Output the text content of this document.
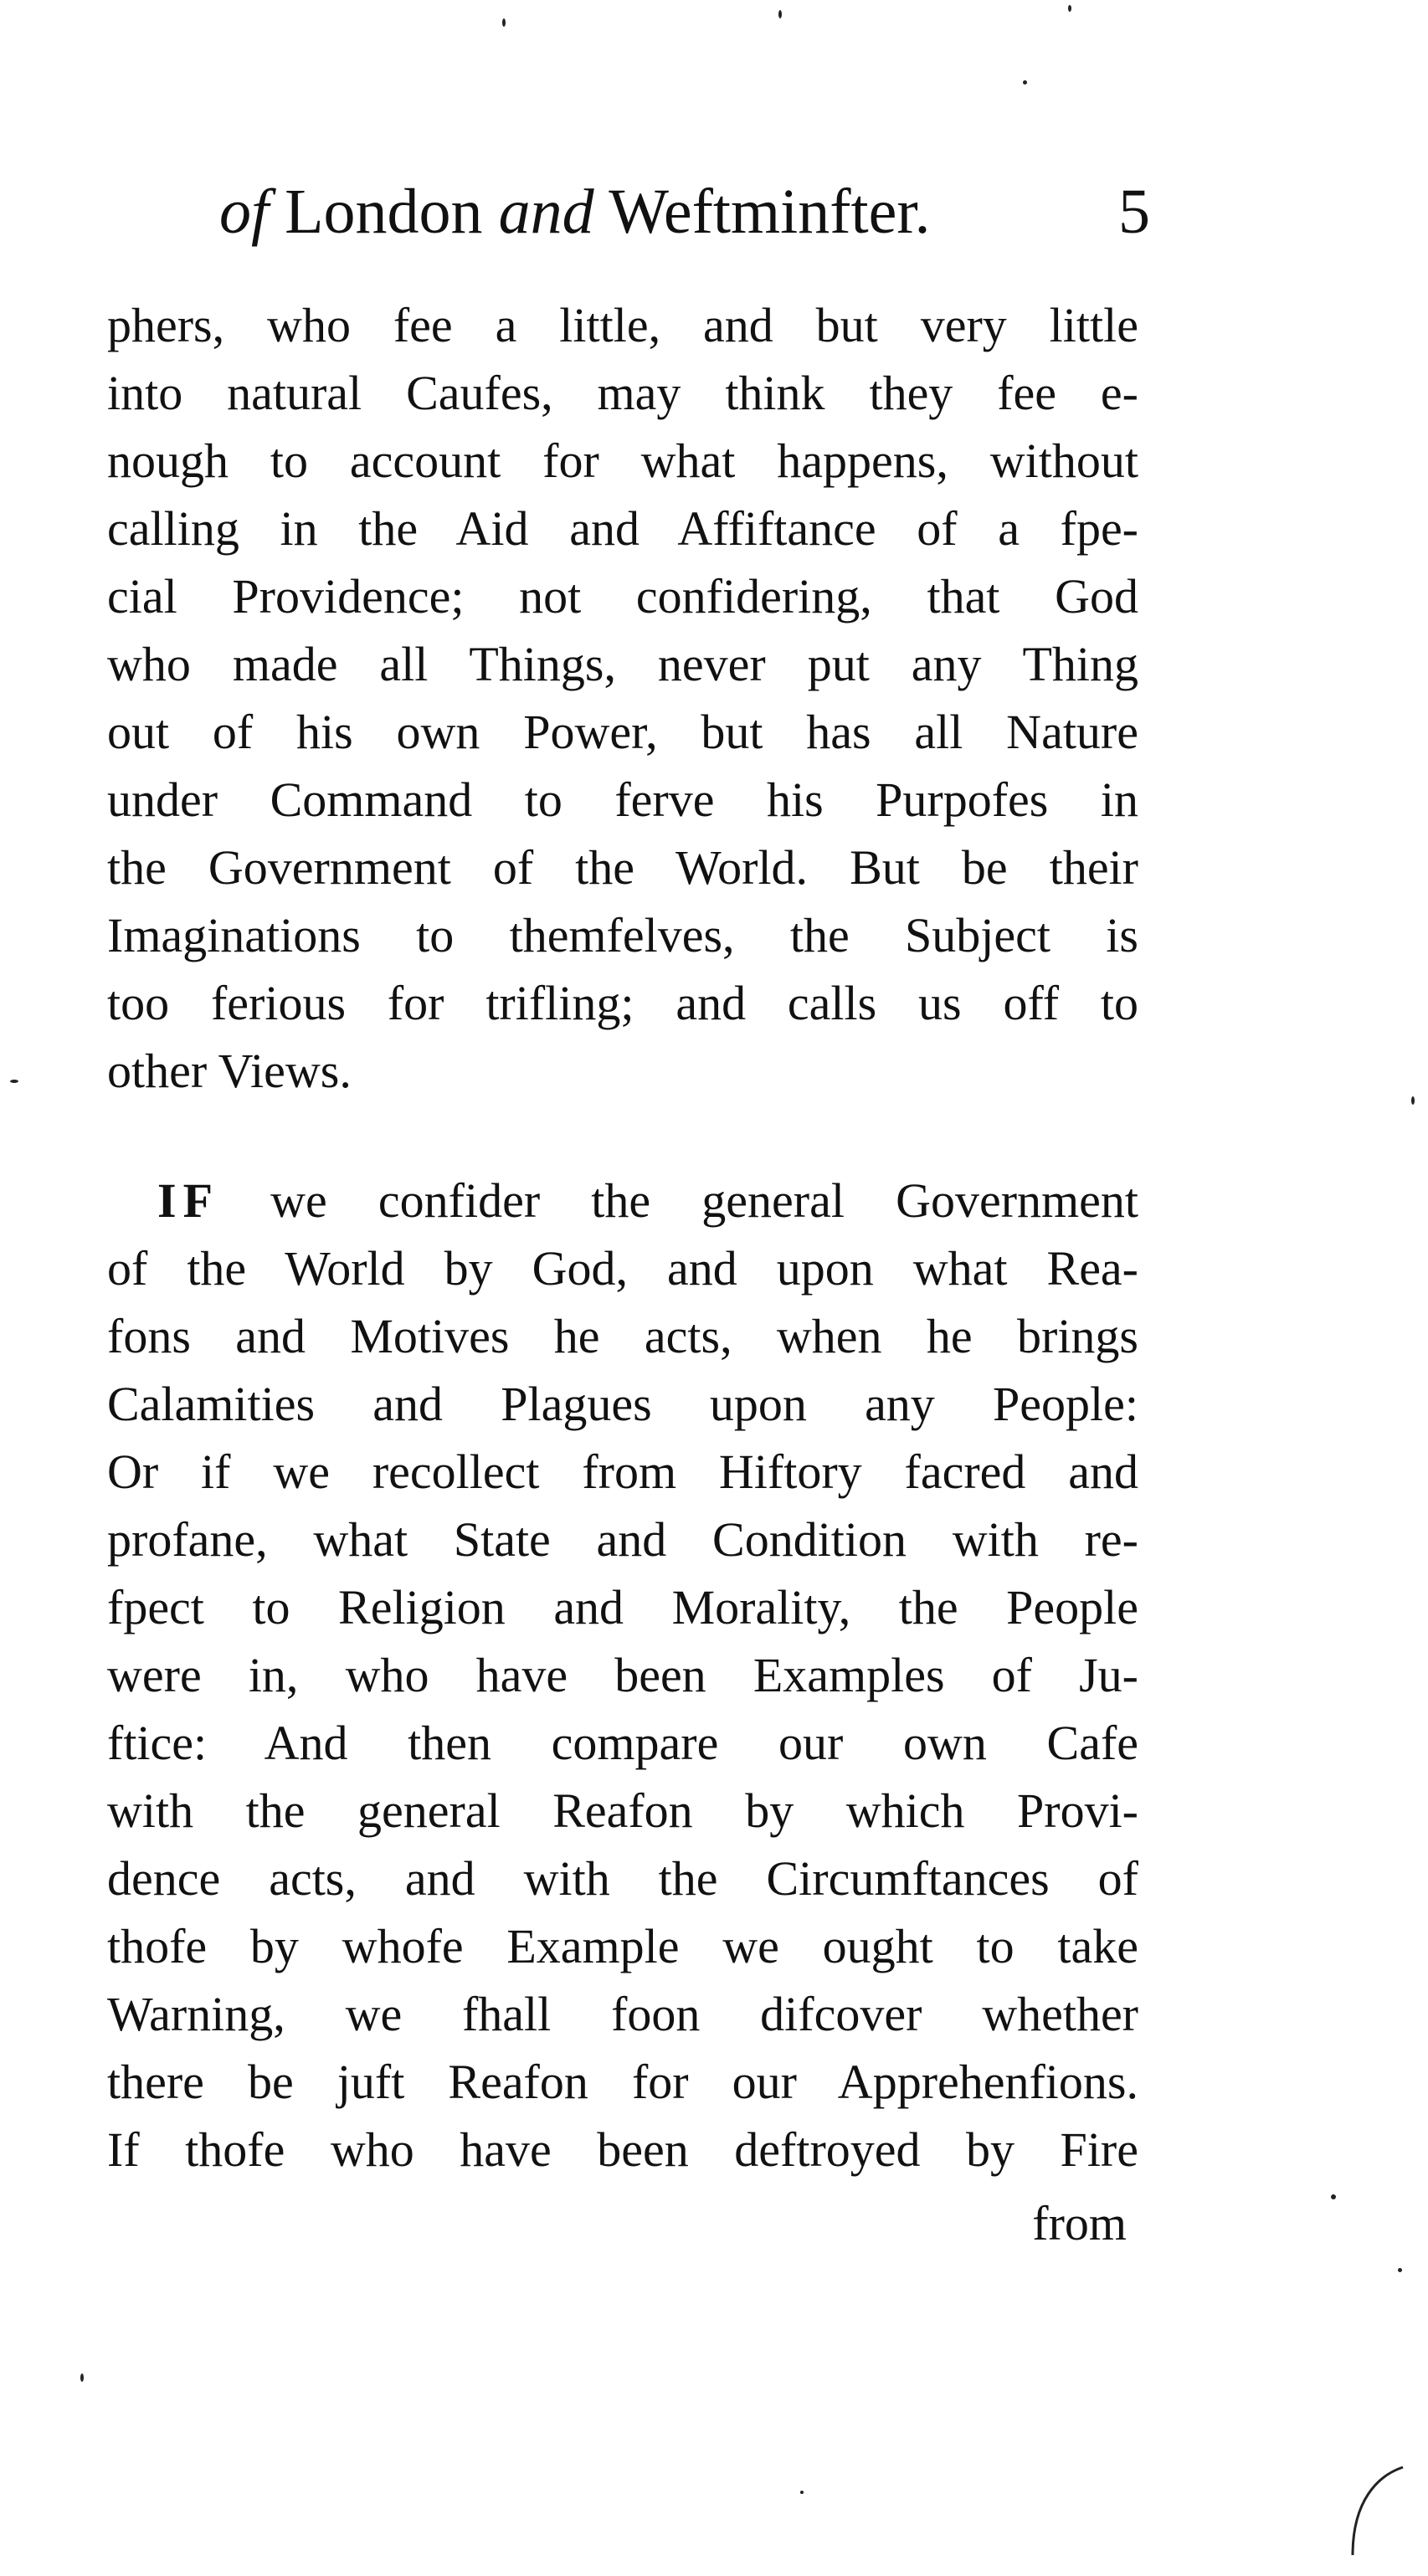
of London and Weftminfter.	5
phers, who fee a little, and but very little
into natural Caufes, may think they fee e-
nough to account for what happens, without
calling in the Aid and Affiftance of a fpe-
cial Providence; not confidering, that God
who made all Things, never put any Thing
out of his own Power, but has all Nature
under Command to ferve his Purpofes in
the Government of the World. But be their
Imaginations to themfelves, the Subject is
too ferious for trifling; and calls us off to
other Views.
IF we confider the general Government
of the World by God, and upon what Rea-
fons and Motives he acts, when he brings
Calamities and Plagues upon any People:
Or if we recollect from Hiftory facred and
profane, what State and Condition with re-
fpect to Religion and Morality, the People
were in, who have been Examples of Ju-
ftice: And then compare our own Cafe
with the general Reafon by which Provi-
dence acts, and with the Circumftances of
thofe by whofe Example we ought to take
Warning, we fhall foon difcover whether
there be juft Reafon for our Apprehenfions.
If thofe who have been deftroyed by Fire
from
